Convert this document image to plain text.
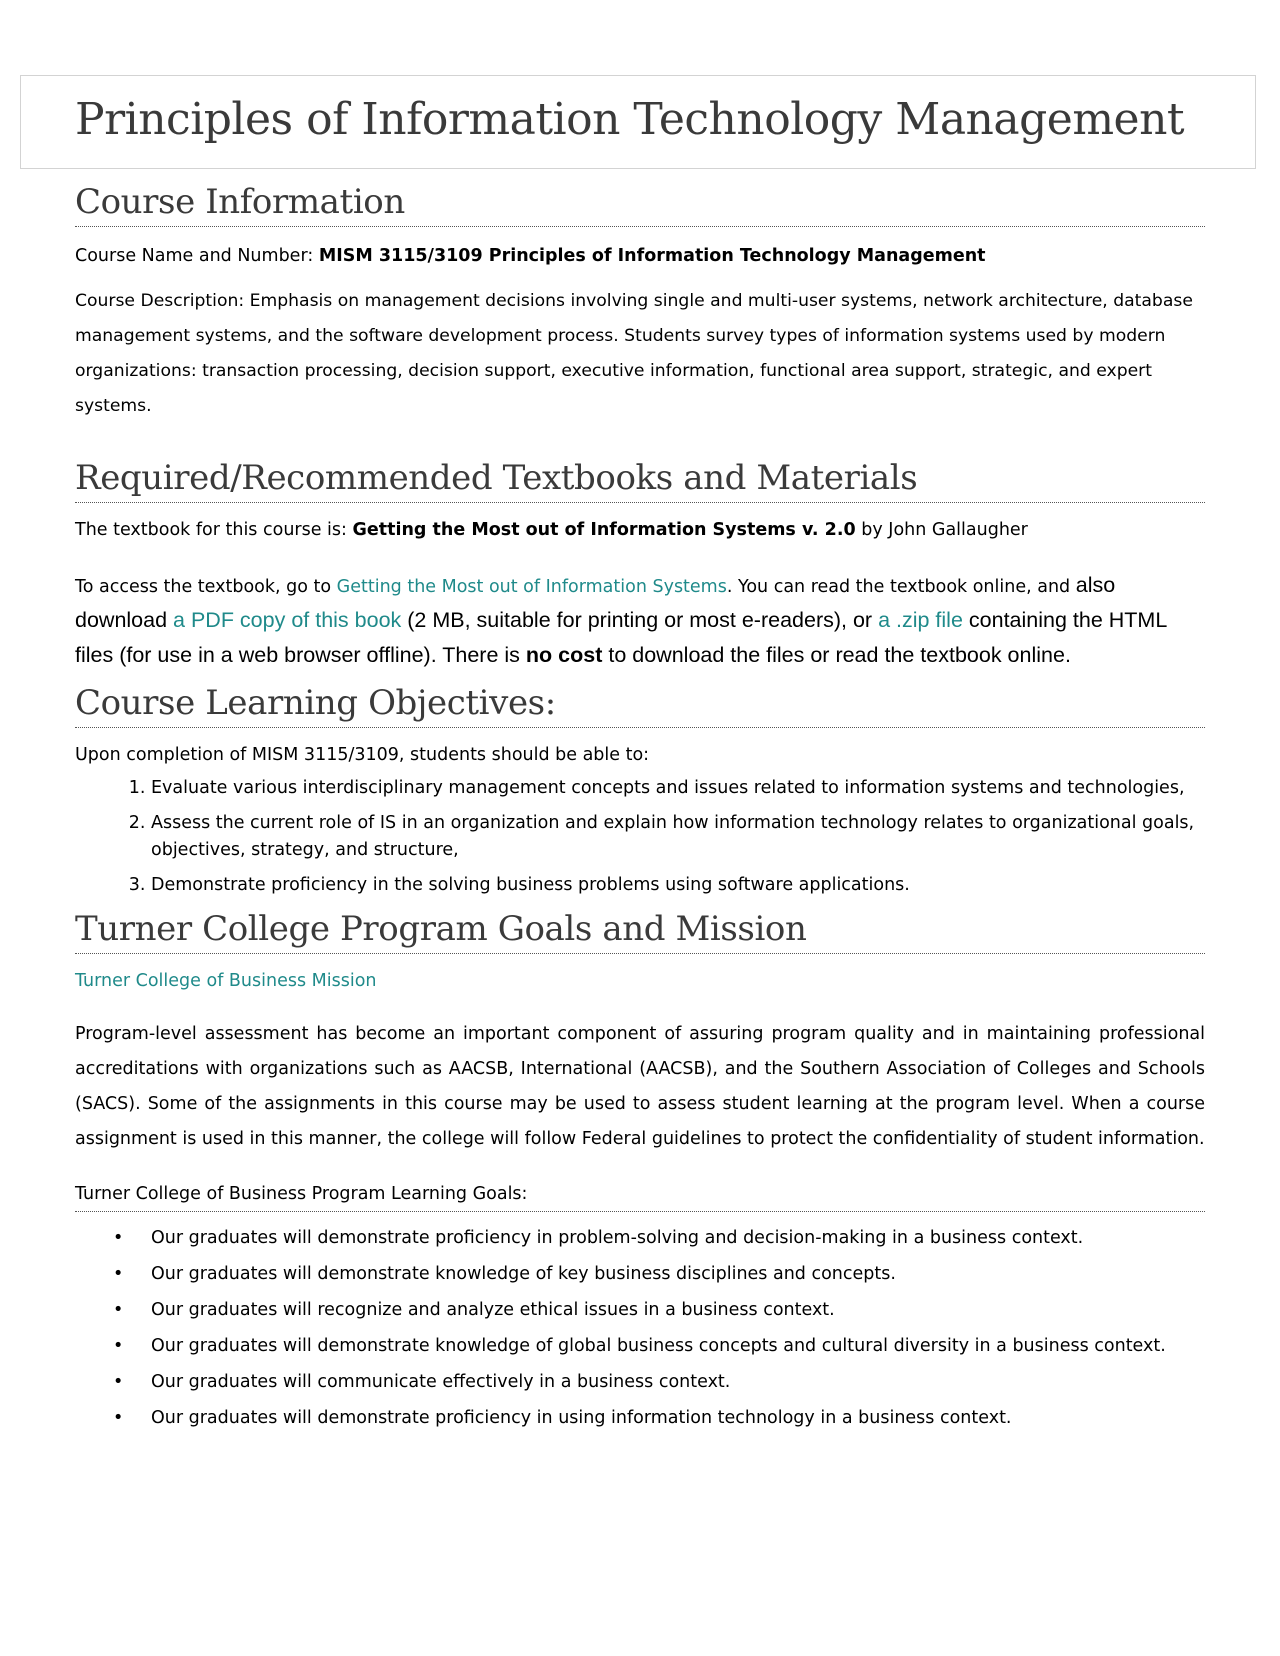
Principles of Information Technology Management
Course Information

Course Name and Number: MISM 3115/3109 Principles of Information Technology Management

Course Description: Emphasis on management decisions involving single and multi-user systems, network architecture, database management systems, and the software development process. Students survey types of information systems used by modern organizations: transaction processing, decision support, executive information, functional area support, strategic, and expert systems.

Required/Recommended Textbooks and Materials

The textbook for this course is: Getting the Most out of Information Systems v. 2.0 by John Gallaugher

To access the textbook, go to Getting the Most out of Information Systems. You can read the textbook online, and also

download a PDF copy of this book (2 MB, suitable for printing or most e-readers), or a .zip file containing the HTML files (for use in a web browser offline). There is no cost to download the files or read the textbook online.

Course Learning Objectives:

Upon completion of MISM 3115/3109, students should be able to:

1. Evaluate various interdisciplinary management concepts and issues related to information systems and technologies,
2. Assess the current role of IS in an organization and explain how information technology relates to organizational goals, objectives, strategy, and structure,
3. Demonstrate proficiency in the solving business problems using software applications.
Turner College Program Goals and Mission

Turner College of Business Mission

Program-level assessment has become an important component of assuring program quality and in maintaining professional accreditations with organizations such as AACSB, International (AACSB), and the Southern Association of Colleges and Schools (SACS). Some of the assignments in this course may be used to assess student learning at the program level. When a course assignment is used in this manner, the college will follow Federal guidelines to protect the confidentiality of student information.

Turner College of Business Program Learning Goals:
• Our graduates will demonstrate proficiency in problem-solving and decision-making in a business context.
• Our graduates will demonstrate knowledge of key business disciplines and concepts.
• Our graduates will recognize and analyze ethical issues in a business context.
• Our graduates will demonstrate knowledge of global business concepts and cultural diversity in a business context.
• Our graduates will communicate effectively in a business context.
• Our graduates will demonstrate proficiency in using information technology in a business context.
